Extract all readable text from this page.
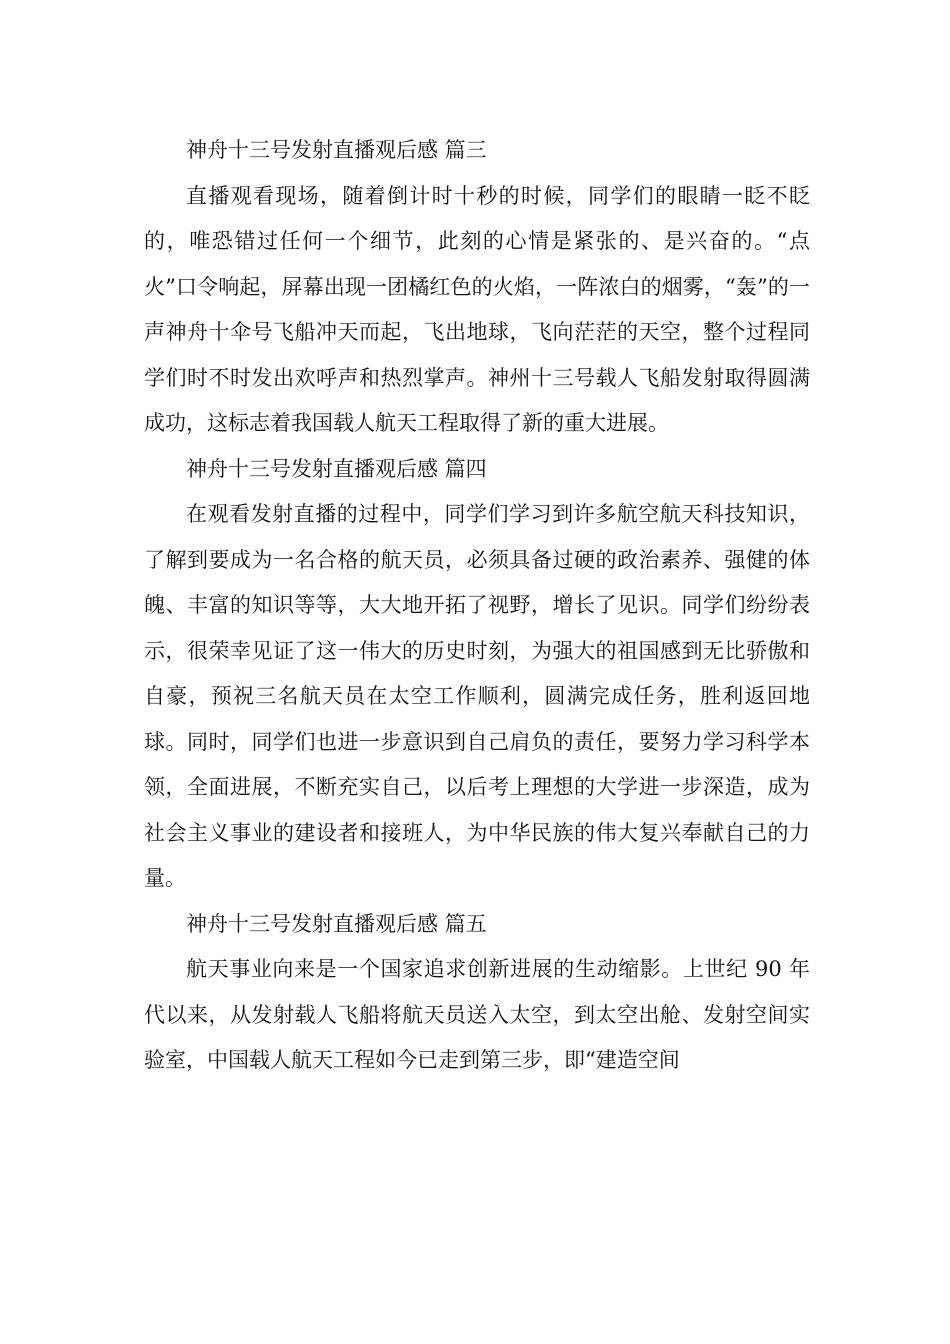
神舟十三号发射直播观后感 篇三

直播观看现场，随着倒计时十秒的时候，同学们的眼睛一眨不眨的，唯恐错过任何一个细节，此刻的心情是紧张的、是兴奋的。“点火”口令响起，屏幕出现一团橘红色的火焰，一阵浓白的烟雾，“轰”的一声神舟十伞号飞船冲天而起，飞出地球，飞向茫茫的天空，整个过程同学们时不时发出欢呼声和热烈掌声。神州十三号载人飞船发射取得圆满成功，这标志着我国载人航天工程取得了新的重大进展。

神舟十三号发射直播观后感 篇四

在观看发射直播的过程中，同学们学习到许多航空航天科技知识，了解到要成为一名合格的航天员，必须具备过硬的政治素养、强健的体魄、丰富的知识等等，大大地开拓了视野，增长了见识。同学们纷纷表示，很荣幸见证了这一伟大的历史时刻，为强大的祖国感到无比骄傲和自豪，预祝三名航天员在太空工作顺利，圆满完成任务，胜利返回地球。同时，同学们也进一步意识到自己肩负的责任，要努力学习科学本领，全面进展，不断充实自己，以后考上理想的大学进一步深造，成为社会主义事业的建设者和接班人，为中华民族的伟大复兴奉献自己的力量。

神舟十三号发射直播观后感 篇五

航天事业向来是一个国家追求创新进展的生动缩影。上世纪 90 年代以来，从发射载人飞船将航天员送入太空，到太空出舱、发射空间实验室，中国载人航天工程如今已走到第三步，即“建造空间
